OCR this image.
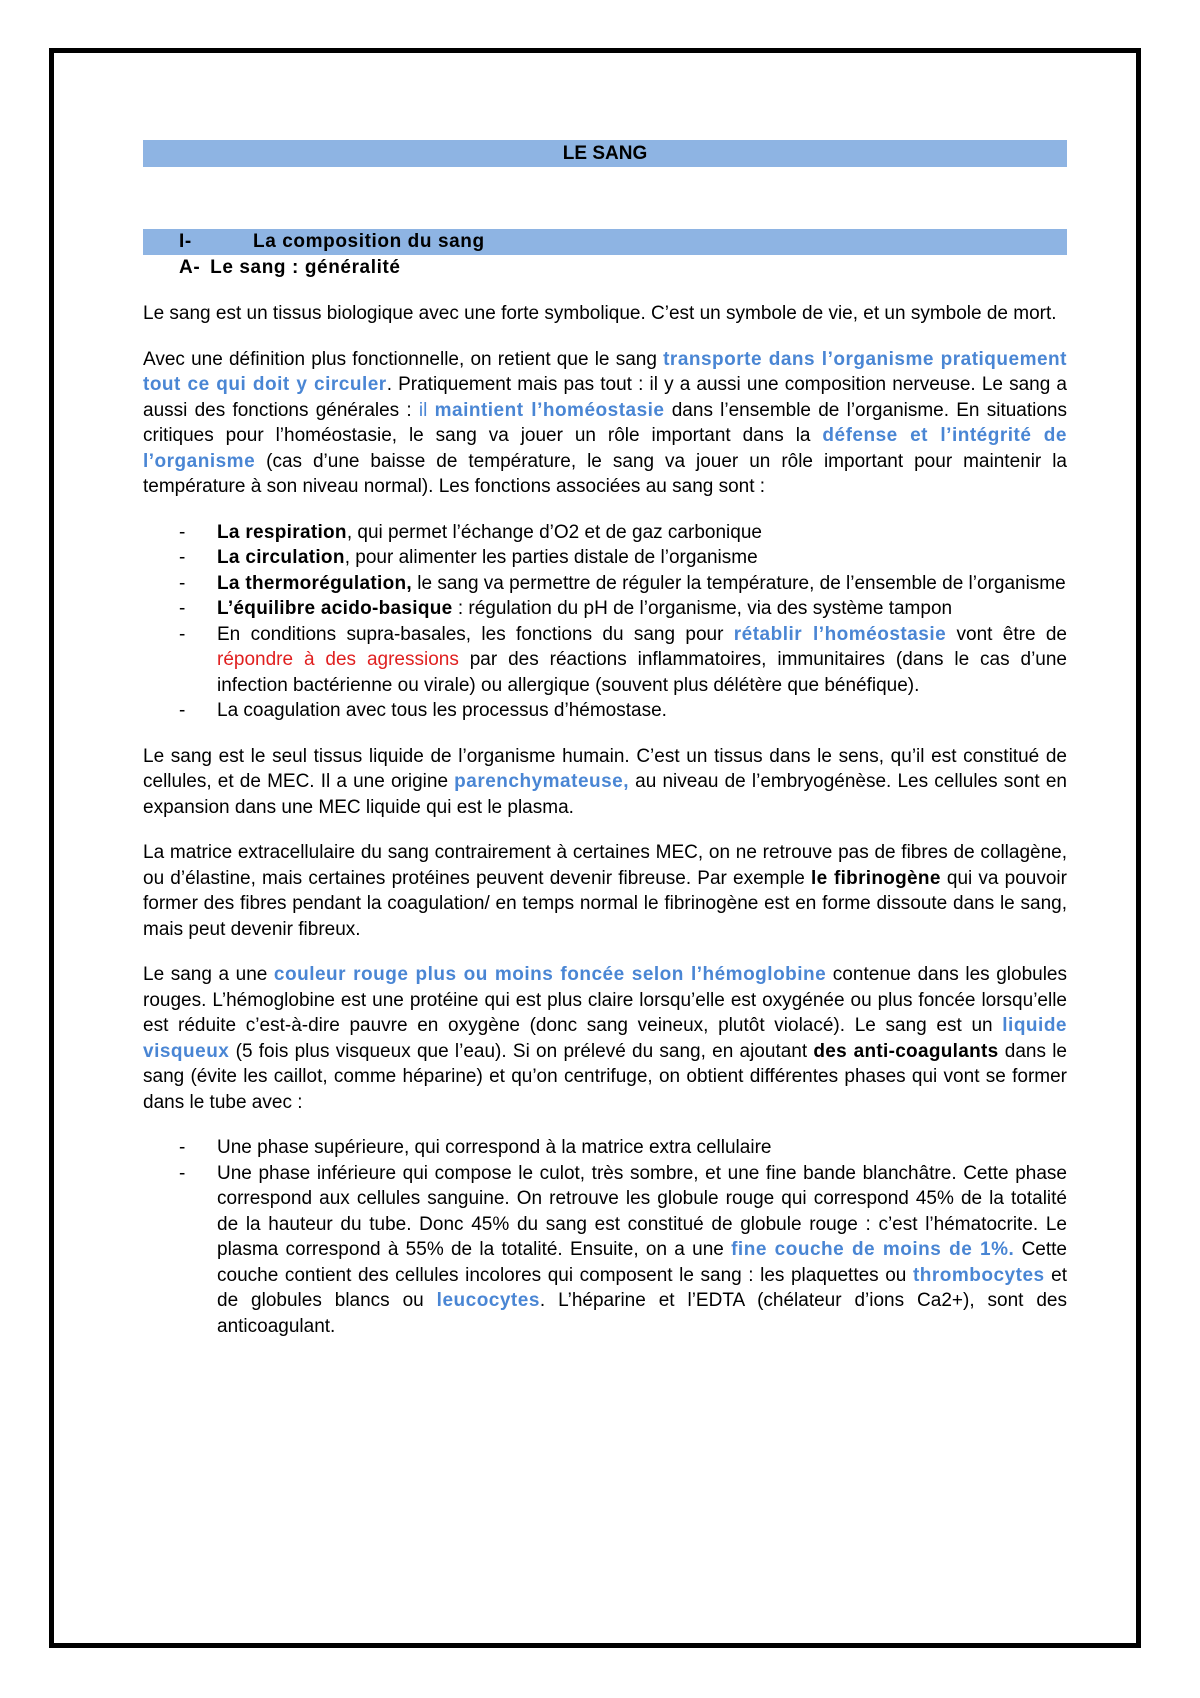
LE SANG
I-	La composition du sang
A- Le sang : généralité

Le sang est un tissus biologique avec une forte symbolique. C’est un symbole de vie, et un symbole de mort.

Avec une définition plus fonctionnelle, on retient que le sang transporte dans l’organisme pratiquement tout ce qui doit y circuler. Pratiquement mais pas tout : il y a aussi une composition nerveuse. Le sang a aussi des fonctions générales : il maintient l’homéostasie dans l’ensemble de l’organisme. En situations critiques pour l’homéostasie, le sang va jouer un rôle important dans la défense et l’intégrité de l’organisme (cas d’une baisse de température, le sang va jouer un rôle important pour maintenir la température à son niveau normal). Les fonctions associées au sang sont :

- La respiration, qui permet l’échange d’O2 et de gaz carbonique
- La circulation, pour alimenter les parties distale de l’organisme
- La thermorégulation, le sang va permettre de réguler la température, de l’ensemble de l’organisme
- L’équilibre acido-basique : régulation du pH de l’organisme, via des système tampon
- En conditions supra-basales, les fonctions du sang pour rétablir l’homéostasie vont être de répondre à des agressions par des réactions inflammatoires, immunitaires (dans le cas d’une infection bactérienne ou virale) ou allergique (souvent plus délétère que bénéfique).
- La coagulation avec tous les processus d’hémostase.

Le sang est le seul tissus liquide de l’organisme humain. C’est un tissus dans le sens, qu’il est constitué de cellules, et de MEC. Il a une origine parenchymateuse, au niveau de l’embryogénèse. Les cellules sont en expansion dans une MEC liquide qui est le plasma.

La matrice extracellulaire du sang contrairement à certaines MEC, on ne retrouve pas de fibres de collagène, ou d’élastine, mais certaines protéines peuvent devenir fibreuse. Par exemple le fibrinogène qui va pouvoir former des fibres pendant la coagulation/ en temps normal le fibrinogène est en forme dissoute dans le sang, mais peut devenir fibreux.

Le sang a une couleur rouge plus ou moins foncée selon l’hémoglobine contenue dans les globules rouges. L’hémoglobine est une protéine qui est plus claire lorsqu’elle est oxygénée ou plus foncée lorsqu’elle est réduite c’est-à-dire pauvre en oxygène (donc sang veineux, plutôt violacé). Le sang est un liquide visqueux (5 fois plus visqueux que l’eau). Si on prélevé du sang, en ajoutant des anti-coagulants dans le sang (évite les caillot, comme héparine) et qu’on centrifuge, on obtient différentes phases qui vont se former dans le tube avec :

- Une phase supérieure, qui correspond à la matrice extra cellulaire
- Une phase inférieure qui compose le culot, très sombre, et une fine bande blanchâtre. Cette phase correspond aux cellules sanguine. On retrouve les globule rouge qui correspond 45% de la totalité de la hauteur du tube. Donc 45% du sang est constitué de globule rouge : c’est l’hématocrite. Le plasma correspond à 55% de la totalité. Ensuite, on a une fine couche de moins de 1%. Cette couche contient des cellules incolores qui composent le sang : les plaquettes ou thrombocytes et de globules blancs ou leucocytes. L’héparine et l’EDTA (chélateur d’ions Ca2+), sont des anticoagulant.
